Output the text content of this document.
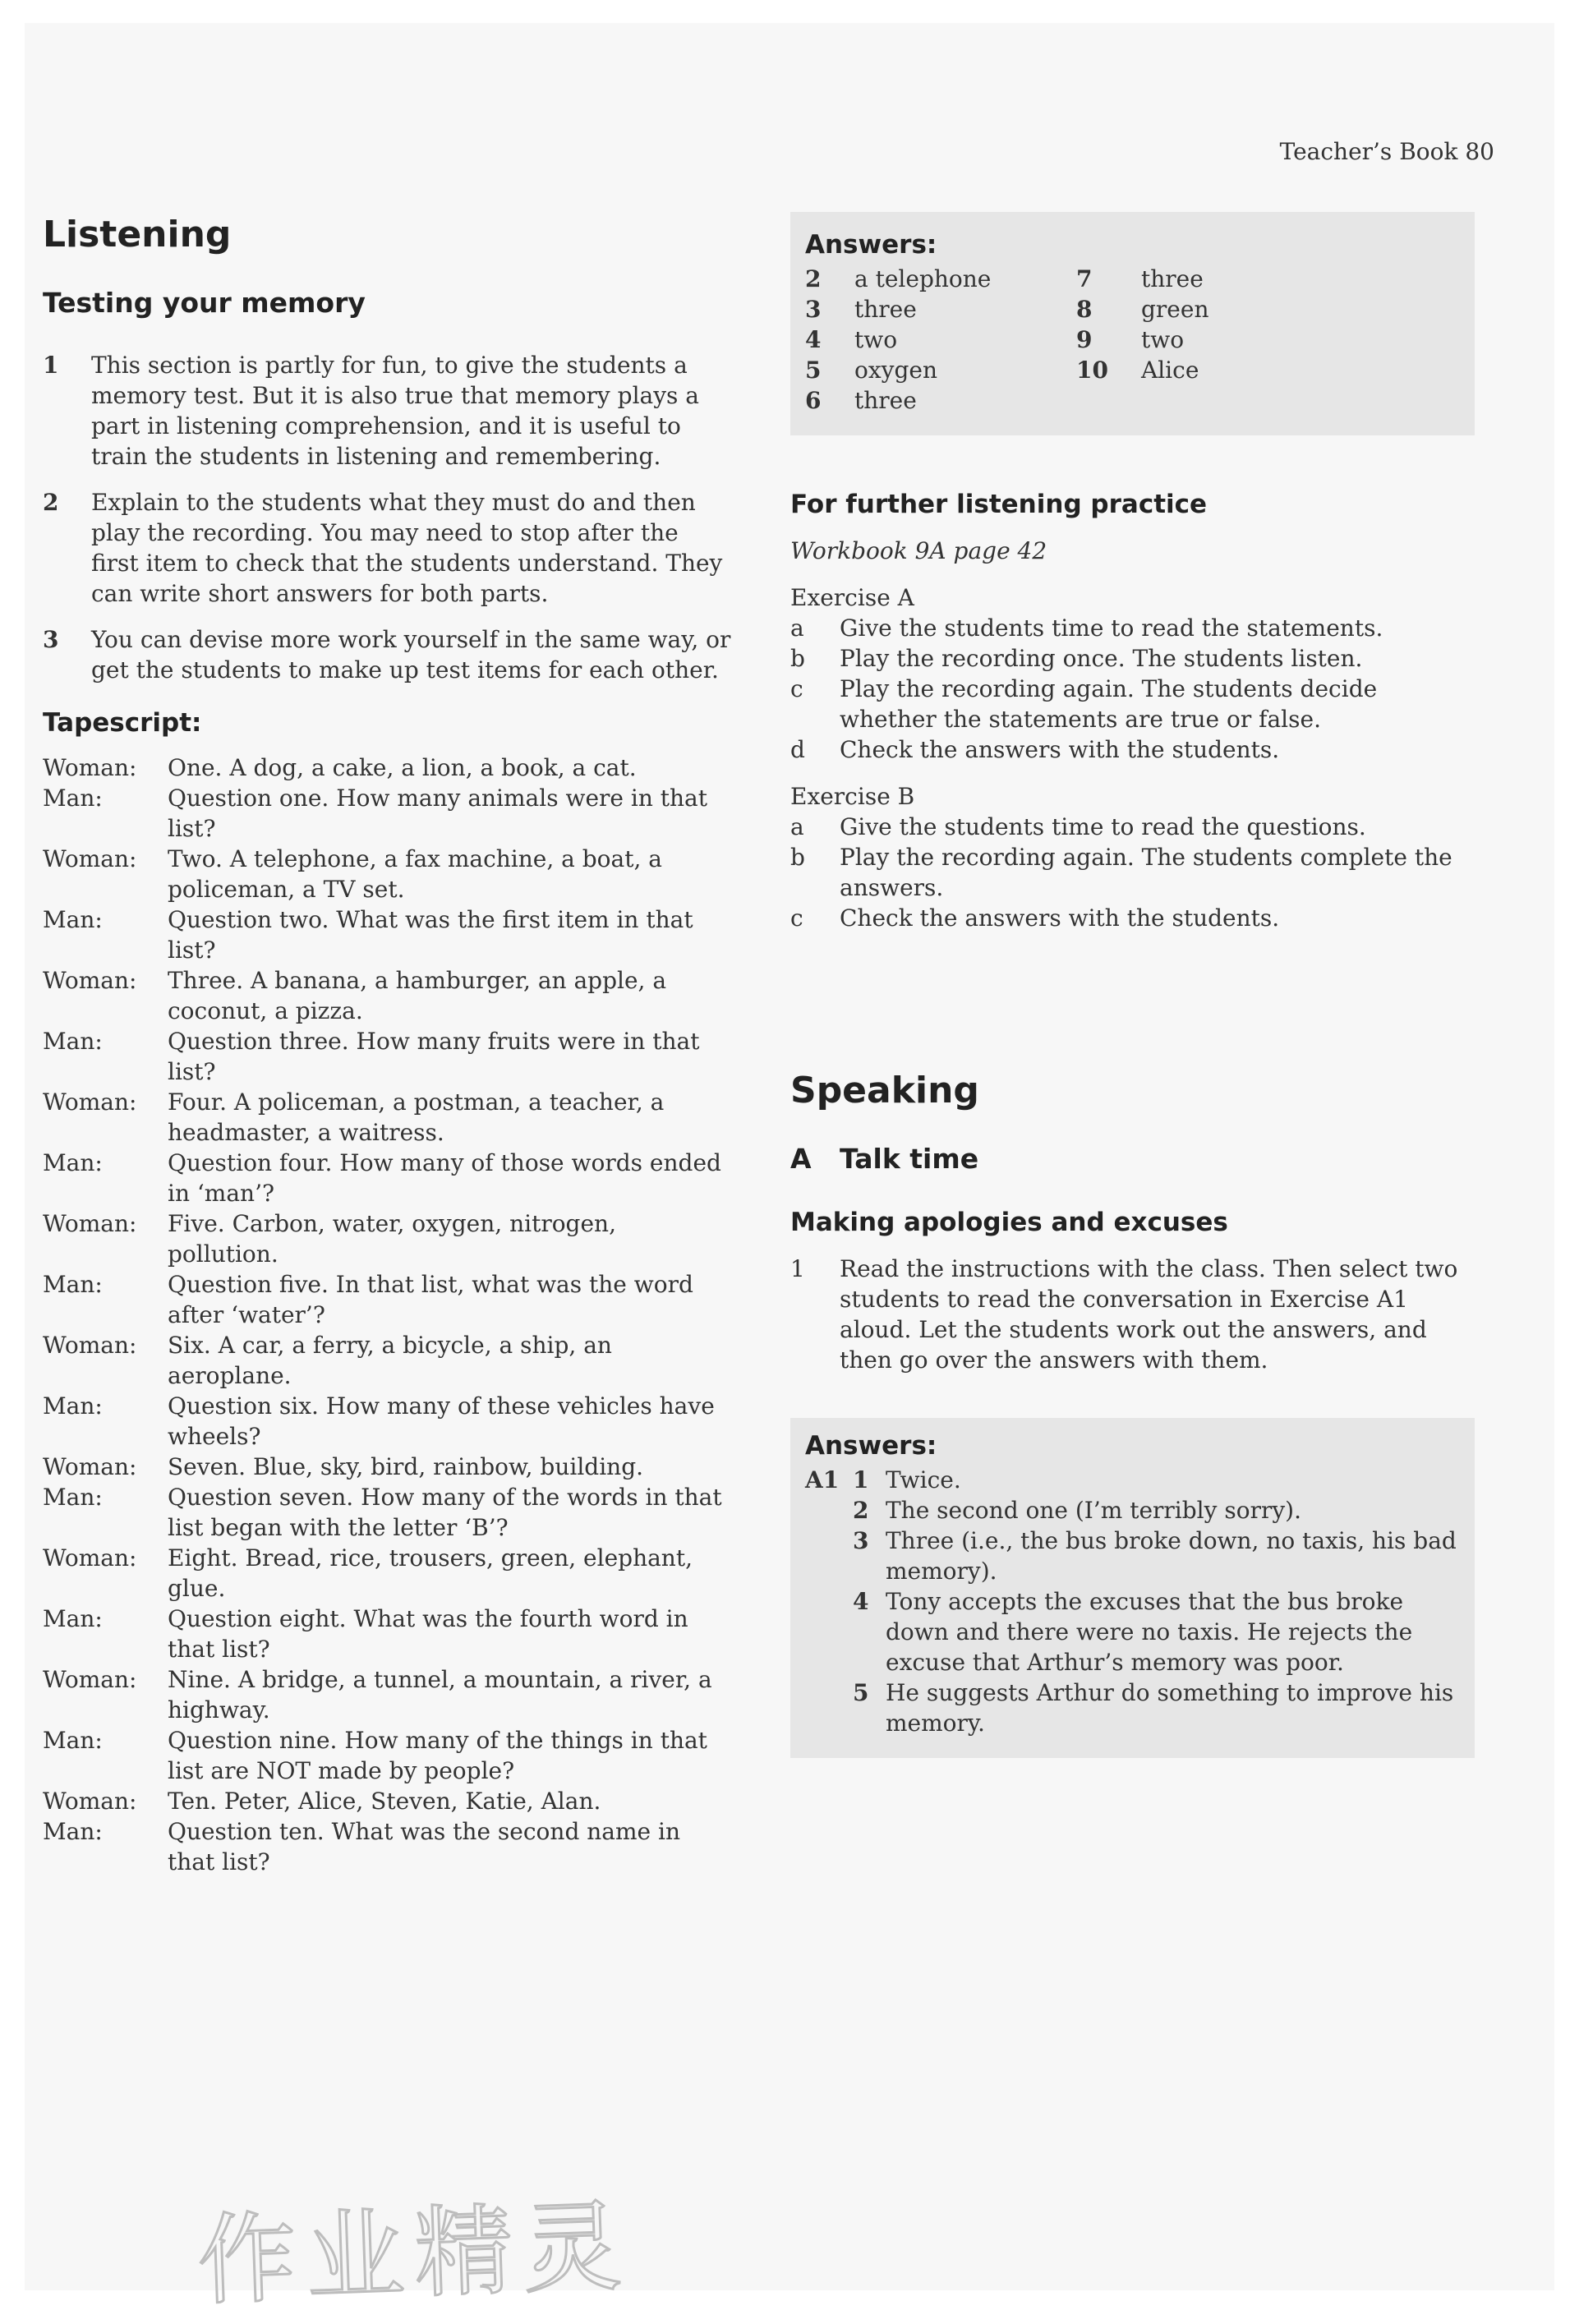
Teacher’s Book 80
Listening
Testing your memory
1	This section is partly for fun, to give the students a memory test. But it is also true that memory plays a part in listening comprehension, and it is useful to train the students in listening and remembering.
2	Explain to the students what they must do and then play the recording. You may need to stop after the first item to check that the students understand. They can write short answers for both parts.
3	You can devise more work yourself in the same way, or get the students to make up test items for each other.
Tapescript:
Woman:	One. A dog, a cake, a lion, a book, a cat.
Man:	Question one. How many animals were in that list?
Woman:	Two. A telephone, a fax machine, a boat, a policeman, a TV set.
Man:	Question two. What was the first item in that list?
Woman:	Three. A banana, a hamburger, an apple, a coconut, a pizza.
Man:	Question three. How many fruits were in that list?
Woman:	Four. A policeman, a postman, a teacher, a headmaster, a waitress.
Man:	Question four. How many of those words ended in ‘man’?
Woman:	Five. Carbon, water, oxygen, nitrogen, pollution.
Man:	Question five. In that list, what was the word after ‘water’?
Woman:	Six. A car, a ferry, a bicycle, a ship, an aeroplane.
Man:	Question six. How many of these vehicles have wheels?
Woman:	Seven. Blue, sky, bird, rainbow, building.
Man:	Question seven. How many of the words in that list began with the letter ‘B’?
Woman:	Eight. Bread, rice, trousers, green, elephant, glue.
Man:	Question eight. What was the fourth word in that list?
Woman:	Nine. A bridge, a tunnel, a mountain, a river, a highway.
Man:	Question nine. How many of the things in that list are NOT made by people?
Woman:	Ten. Peter, Alice, Steven, Katie, Alan.
Man:	Question ten. What was the second name in that list?
Answers:
2	a telephone
3	three
4	two
5	oxygen
6	three
7	three
8	green
9	two
10	Alice
For further listening practice
Workbook 9A page 42
Exercise A
a	Give the students time to read the statements.
b	Play the recording once. The students listen.
c	Play the recording again. The students decide whether the statements are true or false.
d	Check the answers with the students.
Exercise B
a	Give the students time to read the questions.
b	Play the recording again. The students complete the answers.
c	Check the answers with the students.
Speaking
A	Talk time
Making apologies and excuses
1	Read the instructions with the class. Then select two students to read the conversation in Exercise A1 aloud. Let the students work out the answers, and then go over the answers with them.
Answers:
A1 1 Twice.
2 The second one (I’m terribly sorry).
3 Three (i.e., the bus broke down, no taxis, his bad memory).
4 Tony accepts the excuses that the bus broke down and there were no taxis. He rejects the excuse that Arthur’s memory was poor.
5 He suggests Arthur do something to improve his memory.
作业精灵
